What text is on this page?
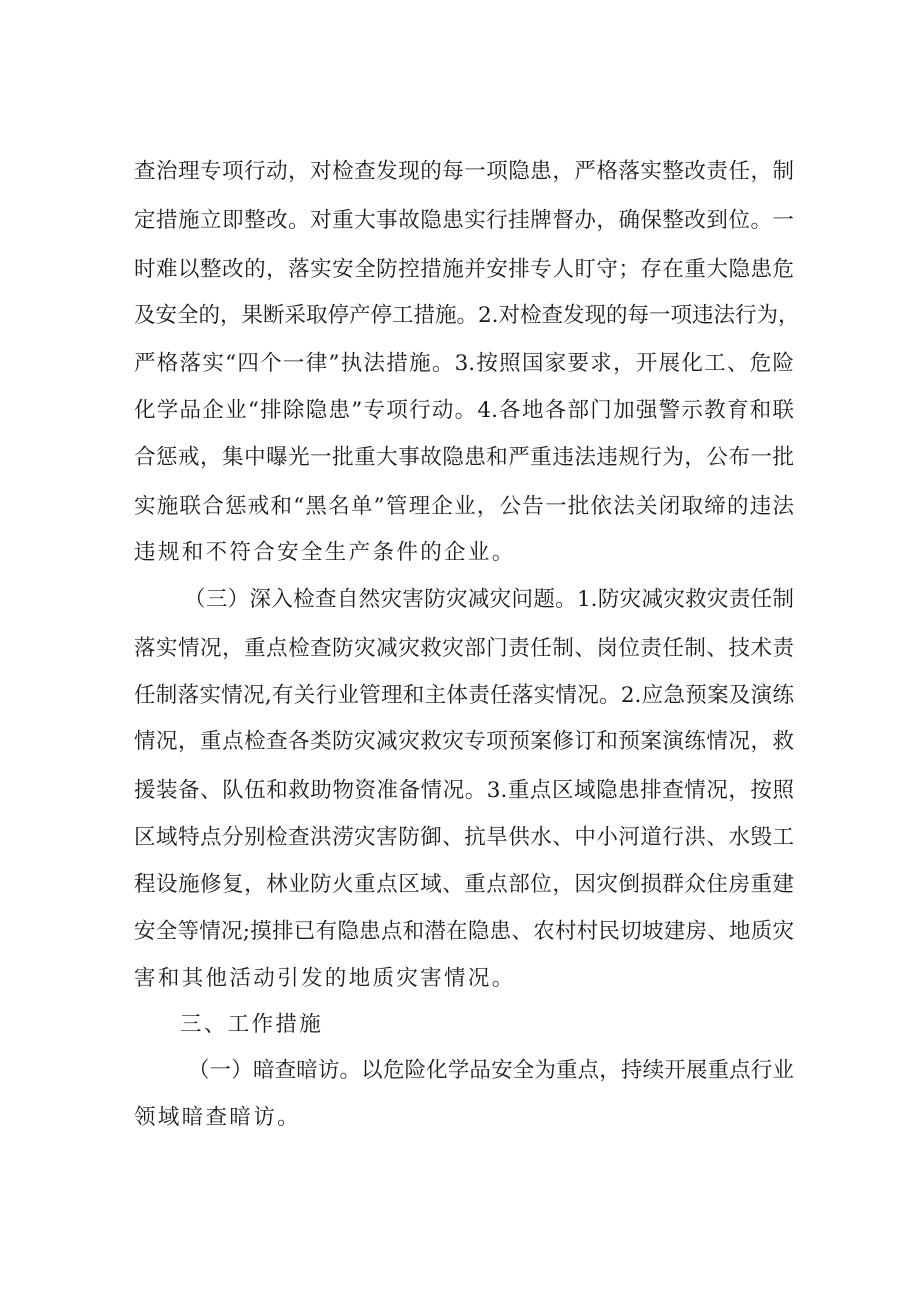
查治理专项行动，对检查发现的每一项隐患，严格落实整改责任，制
定措施立即整改。对重大事故隐患实行挂牌督办，确保整改到位。一
时难以整改的，落实安全防控措施并安排专人盯守；存在重大隐患危
及安全的，果断采取停产停工措施。2.对检查发现的每一项违法行为，
严格落实“四个一律”执法措施。3.按照国家要求，开展化工、危险
化学品企业“排除隐患”专项行动。4.各地各部门加强警示教育和联
合惩戒，集中曝光一批重大事故隐患和严重违法违规行为，公布一批
实施联合惩戒和“黑名单”管理企业，公告一批依法关闭取缔的违法
违规和不符合安全生产条件的企业。
（三）深入检查自然灾害防灾减灾问题。1.防灾减灾救灾责任制
落实情况，重点检查防灾减灾救灾部门责任制、岗位责任制、技术责
任制落实情况,有关行业管理和主体责任落实情况。2.应急预案及演练
情况，重点检查各类防灾减灾救灾专项预案修订和预案演练情况，救
援装备、队伍和救助物资准备情况。3.重点区域隐患排查情况，按照
区域特点分别检查洪涝灾害防御、抗旱供水、中小河道行洪、水毁工
程设施修复，林业防火重点区域、重点部位，因灾倒损群众住房重建
安全等情况;摸排已有隐患点和潜在隐患、农村村民切坡建房、地质灾
害和其他活动引发的地质灾害情况。
三、工作措施
（一）暗查暗访。以危险化学品安全为重点，持续开展重点行业
领域暗查暗访。
